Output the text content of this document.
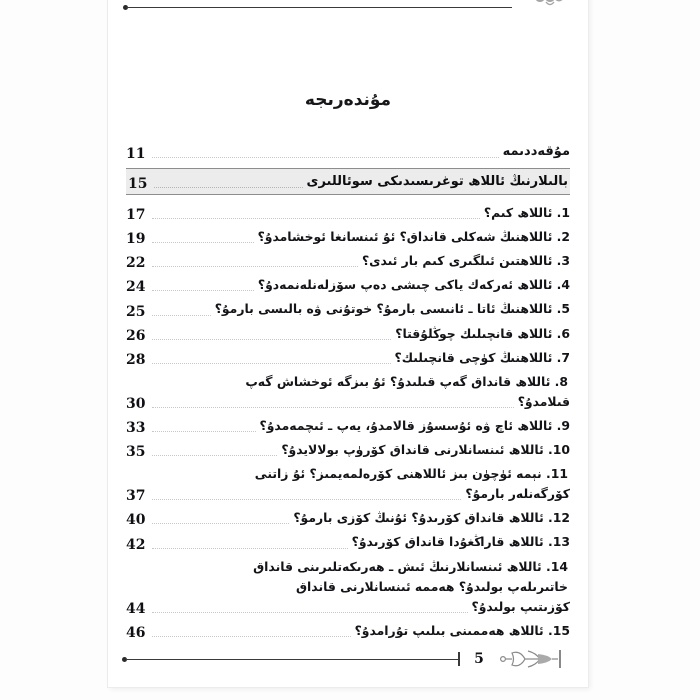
مۇندەرىجە
مۇقەددىمە
11
بالىلارنىڭ ئاللاھ توغرىسىدىكى سوئاللىرى
15
1. ئاللاھ كىم؟
17
2. ئاللاھنىڭ شەكلى قانداق؟ ئۇ ئىنسانغا ئوخشامدۇ؟
19
3. ئاللاھتىن ئىلگىرى كىم بار ئىدى؟
22
4. ئاللاھ ئەركەك ياكى چىشى دەپ سۆزلەنلەنمەدۇ؟
24
5. ئاللاھنىڭ ئاتا ـ ئانىسى بارمۇ؟ خوتۇنى ۋە بالىسى بارمۇ؟
25
6. ئاللاھ قانچىلىك چوڭلۇقتا؟
26
7. ئاللاھنىڭ كۈچى قانچىلىك؟
28
8. ئاللاھ قانداق گەپ قىلىدۇ؟ ئۇ بىزگە ئوخشاش گەپ
قىلامدۇ؟
30
9. ئاللاھ ئاچ ۋە ئۇسسۇز قالامدۇ، يەپ ـ ئىچمەمدۇ؟
33
10. ئاللاھ ئىنسانلارنى قانداق كۆرۈپ بولالايدۇ؟
35
11. نېمە ئۈچۈن بىز ئاللاھنى كۆرەلمەيمىز؟ ئۇ زاتنى
كۆرگەنلەر بارمۇ؟
37
12. ئاللاھ قانداق كۆرىدۇ؟ ئۇنىڭ كۆزى بارمۇ؟
40
13. ئاللاھ قاراڭغۇدا قانداق كۆرىدۇ؟
42
14. ئاللاھ ئىنسانلارنىڭ ئىش ـ ھەرىكەتلىرىنى قانداق
خاتىرىلەپ بولىدۇ؟ ھەممە ئىنسانلارنى قانداق
كۆزىتىپ بولىدۇ؟
44
15. ئاللاھ ھەممىنى بىلىپ تۇرامدۇ؟
46
5
